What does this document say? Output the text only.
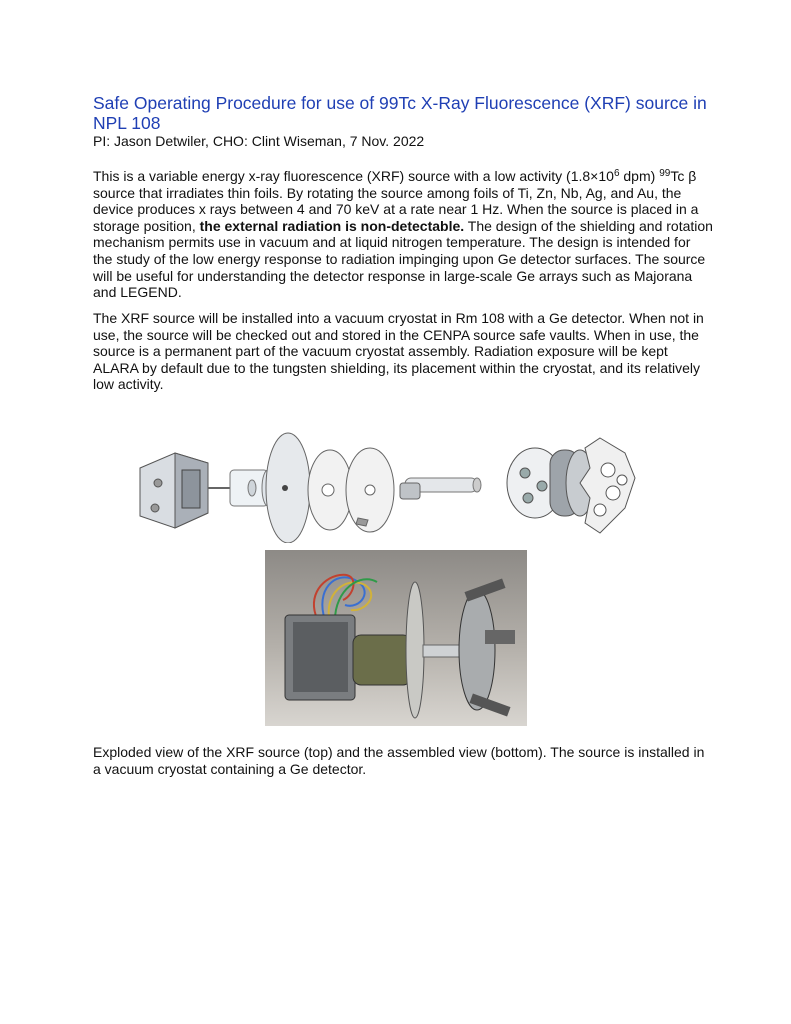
Safe Operating Procedure for use of 99Tc X-Ray Fluorescence (XRF) source in NPL 108
PI: Jason Detwiler, CHO: Clint Wiseman, 7 Nov. 2022

This is a variable energy x-ray fluorescence (XRF) source with a low activity ($1.8\times 10^6$ dpm) $^{99}$Tc β source that irradiates thin foils. By rotating the source among foils of Ti, Zn, Nb, Ag, and Au, the device produces x rays between 4 and 70 keV at a rate near 1 Hz. When the source is placed in a storage position, the external radiation is non-detectable. The design of the shielding and rotation mechanism permits use in vacuum and at liquid nitrogen temperature. The design is intended for the study of the low energy response to radiation impinging upon Ge detector surfaces. The source will be useful for understanding the detector response in large-scale Ge arrays such as Majorana and LEGEND.

The XRF source will be installed into a vacuum cryostat in Rm 108 with a Ge detector. When not in use, the source will be checked out and stored in the CENPA source safe vaults. When in use, the source is a permanent part of the vacuum cryostat assembly. Radiation exposure will be kept ALARA by default due to the tungsten shielding, its placement within the cryostat, and its relatively low activity.

Exploded view of the XRF source (top) and the assembled view (bottom). The source is installed in a vacuum cryostat containing a Ge detector.
